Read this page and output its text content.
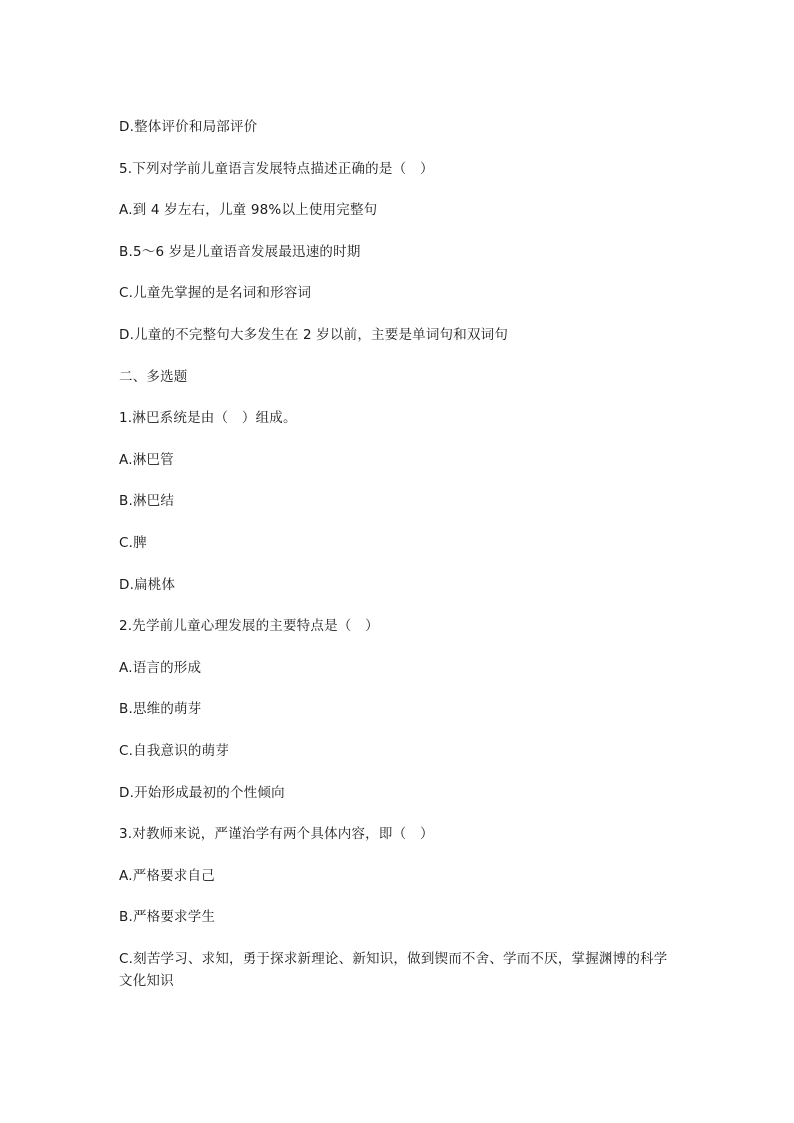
D.整体评价和局部评价
5.下列对学前儿童语言发展特点描述正确的是（　）
A.到 4 岁左右，儿童 98%以上使用完整句
B.5～6 岁是儿童语音发展最迅速的时期
C.儿童先掌握的是名词和形容词
D.儿童的不完整句大多发生在 2 岁以前，主要是单词句和双词句
二、多选题
1.淋巴系统是由（　）组成。
A.淋巴管
B.淋巴结
C.脾
D.扁桃体
2.先学前儿童心理发展的主要特点是（　）
A.语言的形成
B.思维的萌芽
C.自我意识的萌芽
D.开始形成最初的个性倾向
3.对教师来说，严谨治学有两个具体内容，即（　）
A.严格要求自己
B.严格要求学生
C.刻苦学习、求知，勇于探求新理论、新知识，做到锲而不舍、学而不厌，掌握渊博的科学文化知识
